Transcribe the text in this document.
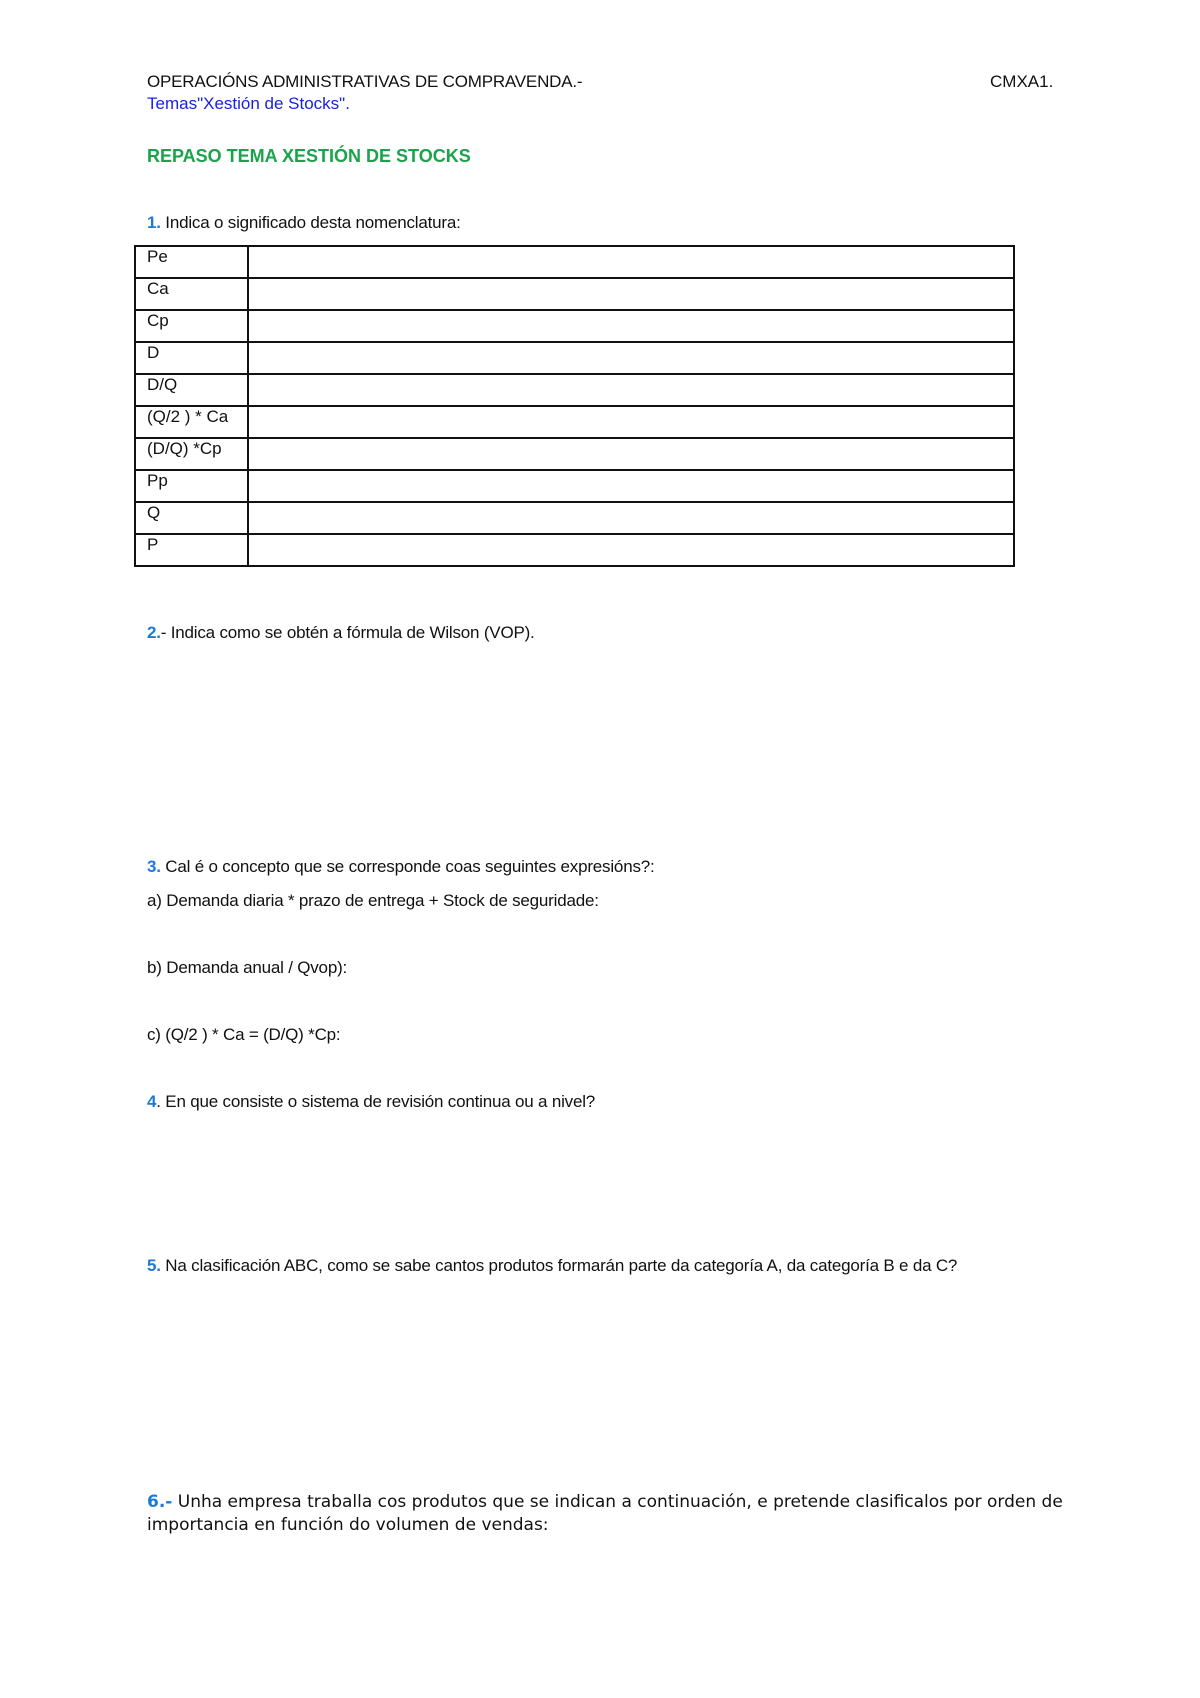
OPERACIÓNS ADMINISTRATIVAS DE COMPRAVENDA.-	CMXA1.
Temas"Xestión de Stocks".
REPASO TEMA XESTIÓN DE STOCKS
1. Indica o significado desta nomenclatura:
Pe	
Ca	
Cp	
D	
D/Q	
(Q/2 ) * Ca	
(D/Q) *Cp	
Pp	
Q	
P	
2.- Indica como se obtén a fórmula de Wilson (VOP).
3. Cal é o concepto que se corresponde coas seguintes expresións?:
a) Demanda diaria * prazo de entrega + Stock de seguridade:
b) Demanda anual / Qvop):
c) (Q/2 ) * Ca = (D/Q) *Cp:
4. En que consiste o sistema de revisión continua ou a nivel?
5. Na clasificación ABC, como se sabe cantos produtos formarán parte da categoría A, da categoría B e da C?
6.- Unha empresa traballa cos produtos que se indican a continuación, e pretende clasificalos por orden de importancia en función do volumen de vendas:
